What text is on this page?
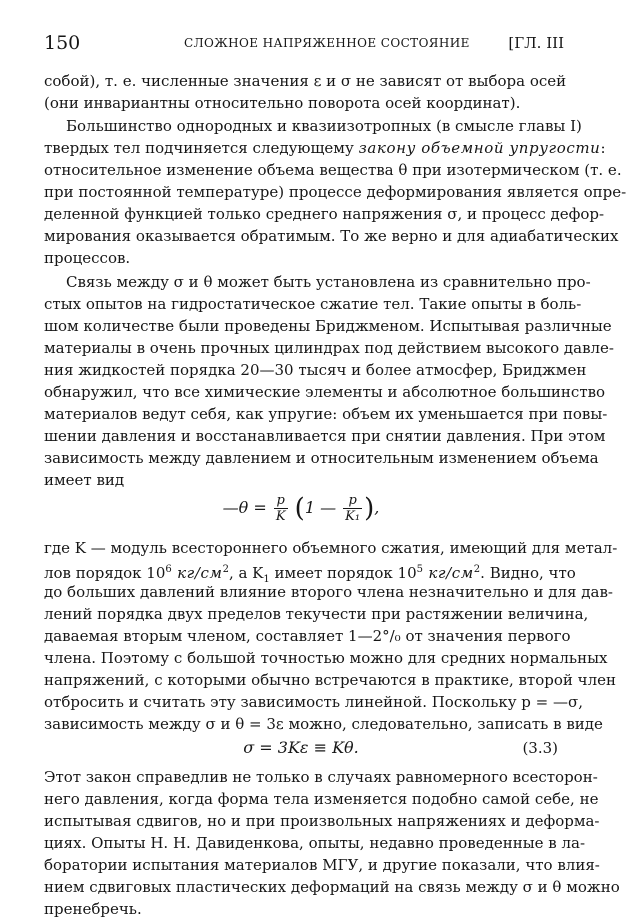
150	СЛОЖНОЕ НАПРЯЖЕННОЕ СОСТОЯНИЕ	[ГЛ. III
собой), т. е. численные значения ε и σ не зависят от выбора осей
(они инвариантны относительно поворота осей координат).
Большинство однородных и квазиизотропных (в смысле главы I)
твердых тел подчиняется следующему закону объемной упругости:
относительное изменение объема вещества θ при изотермическом (т. е.
при постоянной температуре) процессе деформирования является опре-
деленной функцией только среднего напряжения σ, и процесс дефор-
мирования оказывается обратимым. То же верно и для адиабатических
процессов.
Связь между σ и θ может быть установлена из сравнительно про-
стых опытов на гидростатическое сжатие тел. Такие опыты в боль-
шом количестве были проведены Бриджменом. Испытывая различные
материалы в очень прочных цилиндрах под действием высокого давле-
ния жидкостей порядка 20—30 тысяч и более атмосфер, Бриджмен
обнаружил, что все химические элементы и абсолютное большинство
материалов ведут себя, как упругие: объем их уменьшается при повы-
шении давления и восстанавливается при снятии давления. При этом
зависимость между давлением и относительным изменением объема
имеет вид
—θ = $\frac{p}{K} (1$ — $\frac{p}{\text{K₁}}$ ),
где K — модуль всестороннего объемного сжатия, имеющий для метал-
лов порядок $10^6$ $кг/см^2$, а $K_1$ имеет порядок $10^5$ $кг/см^2$. Видно, что
до больших давлений влияние второго члена незначительно и для дав-
лений порядка двух пределов текучести при растяжении величина,
даваемая вторым членом, составляет 1—2°/₀ от значения первого
члена. Поэтому с большой точностью можно для средних нормальных
напряжений, с которыми обычно встречаются в практике, второй член
отбросить и считать эту зависимость линейной. Поскольку p = —σ,
зависимость между σ и θ = 3ε можно, следовательно, записать в виде
σ = 3Kε ≡ Kθ.	(3.3)
Этот закон справедлив не только в случаях равномерного всесторон-
него давления, когда форма тела изменяется подобно самой себе, не
испытывая сдвигов, но и при произвольных напряжениях и деформа-
циях. Опыты Н. Н. Давиденкова, опыты, недавно проведенные в ла-
боратории испытания материалов МГУ, и другие показали, что влия-
нием сдвиговых пластических деформаций на связь между σ и θ можно
пренебречь.
